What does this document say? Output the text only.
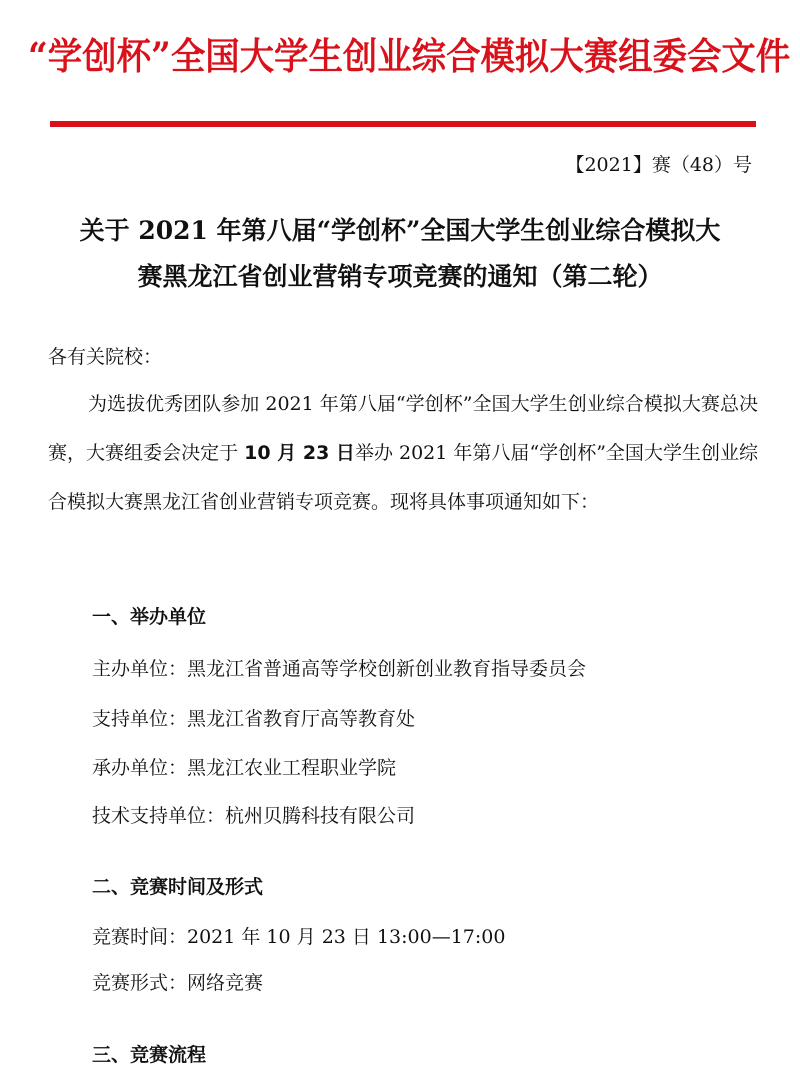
“学创杯”全国大学生创业综合模拟大赛组委会文件
【2021】赛（48）号
关于 2021 年第八届“学创杯”全国大学生创业综合模拟大
赛黑龙江省创业营销专项竞赛的通知（第二轮）
各有关院校：
为选拔优秀团队参加 2021 年第八届“学创杯”全国大学生创业综合模拟大赛总决赛，大赛组委会决定于 10 月 23 日举办 2021 年第八届“学创杯”全国大学生创业综合模拟大赛黑龙江省创业营销专项竞赛。现将具体事项通知如下：
一、举办单位
主办单位：黑龙江省普通高等学校创新创业教育指导委员会
支持单位：黑龙江省教育厅高等教育处
承办单位：黑龙江农业工程职业学院
技术支持单位：杭州贝腾科技有限公司
二、竞赛时间及形式
竞赛时间：2021 年 10 月 23 日 13:00—17:00
竞赛形式：网络竞赛
三、竞赛流程
